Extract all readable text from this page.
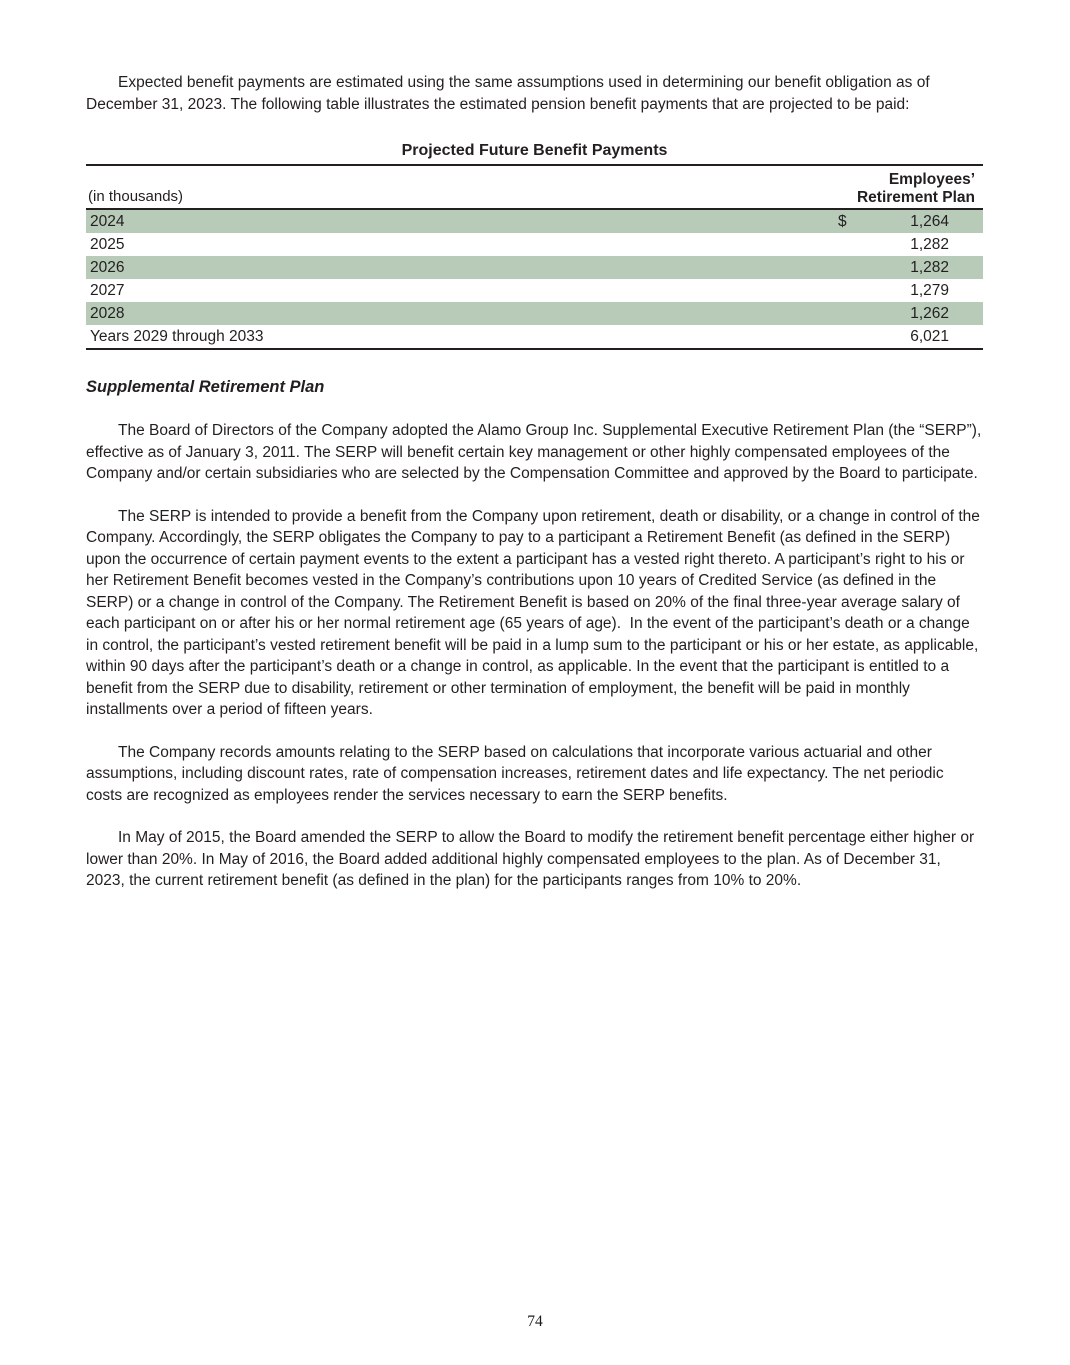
Expected benefit payments are estimated using the same assumptions used in determining our benefit obligation as of December 31, 2023. The following table illustrates the estimated pension benefit payments that are projected to be paid:

Projected Future Benefit Payments
(in thousands)
Employees’
Retirement Plan
2024	$	1,264
2025	1,282
2026	1,282
2027	1,279
2028	1,262
Years 2029 through 2033	6,021
Supplemental Retirement Plan

The Board of Directors of the Company adopted the Alamo Group Inc. Supplemental Executive Retirement Plan (the “SERP”), effective as of January 3, 2011. The SERP will benefit certain key management or other highly compensated employees of the Company and/or certain subsidiaries who are selected by the Compensation Committee and approved by the Board to participate.

The SERP is intended to provide a benefit from the Company upon retirement, death or disability, or a change in control of the Company. Accordingly, the SERP obligates the Company to pay to a participant a Retirement Benefit (as defined in the SERP) upon the occurrence of certain payment events to the extent a participant has a vested right thereto. A participant’s right to his or her Retirement Benefit becomes vested in the Company’s contributions upon 10 years of Credited Service (as defined in the SERP) or a change in control of the Company. The Retirement Benefit is based on 20% of the final three-year average salary of each participant on or after his or her normal retirement age (65 years of age).  In the event of the participant’s death or a change in control, the participant’s vested retirement benefit will be paid in a lump sum to the participant or his or her estate, as applicable, within 90 days after the participant’s death or a change in control, as applicable. In the event that the participant is entitled to a benefit from the SERP due to disability, retirement or other termination of employment, the benefit will be paid in monthly installments over a period of fifteen years.

The Company records amounts relating to the SERP based on calculations that incorporate various actuarial and other assumptions, including discount rates, rate of compensation increases, retirement dates and life expectancy. The net periodic costs are recognized as employees render the services necessary to earn the SERP benefits.

In May of 2015, the Board amended the SERP to allow the Board to modify the retirement benefit percentage either higher or lower than 20%. In May of 2016, the Board added additional highly compensated employees to the plan. As of December 31, 2023, the current retirement benefit (as defined in the plan) for the participants ranges from 10% to 20%.

74
